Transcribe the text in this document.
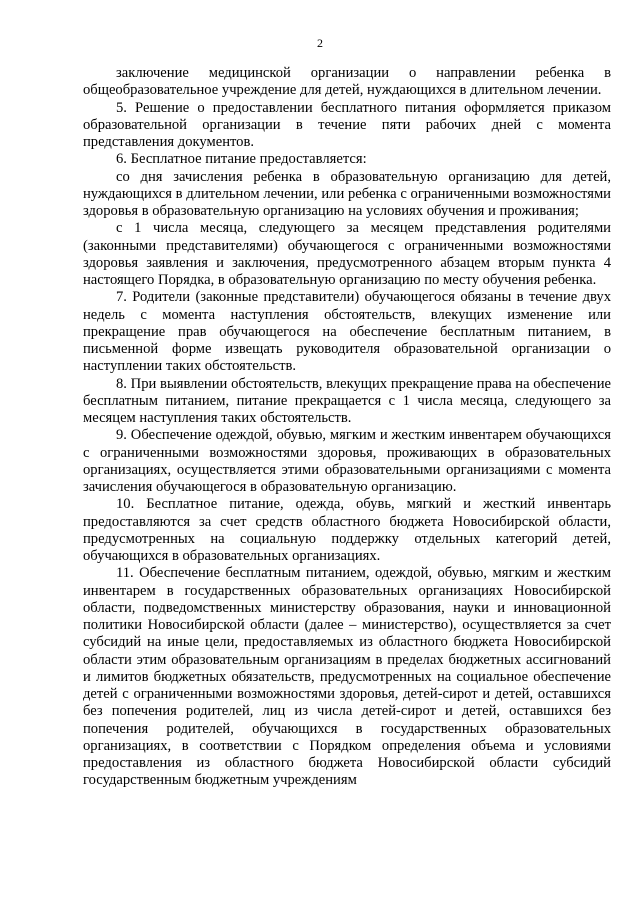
2

заключение медицинской организации о направлении ребенка в общеобразовательное учреждение для детей, нуждающихся в длительном лечении.

5. Решение о предоставлении бесплатного питания оформляется приказом образовательной организации в течение пяти рабочих дней с момента представления документов.

6. Бесплатное питание предоставляется:

со дня зачисления ребенка в образовательную организацию для детей, нуждающихся в длительном лечении, или ребенка с ограниченными возможностями здоровья в образовательную организацию на условиях обучения и проживания;

с 1 числа месяца, следующего за месяцем представления родителями (законными представителями) обучающегося с ограниченными возможностями здоровья заявления и заключения, предусмотренного абзацем вторым пункта 4 настоящего Порядка, в образовательную организацию по месту обучения ребенка.

7. Родители (законные представители) обучающегося обязаны в течение двух недель с момента наступления обстоятельств, влекущих изменение или прекращение прав обучающегося на обеспечение бесплатным питанием, в письменной форме извещать руководителя образовательной организации о наступлении таких обстоятельств.

8. При выявлении обстоятельств, влекущих прекращение права на обеспечение бесплатным питанием, питание прекращается с 1 числа месяца, следующего за месяцем наступления таких обстоятельств.

9. Обеспечение одеждой, обувью, мягким и жестким инвентарем обучающихся с ограниченными возможностями здоровья, проживающих в образовательных организациях, осуществляется этими образовательными организациями с момента зачисления обучающегося в образовательную организацию.

10. Бесплатное питание, одежда, обувь, мягкий и жесткий инвентарь предоставляются за счет средств областного бюджета Новосибирской области, предусмотренных на социальную поддержку отдельных категорий детей, обучающихся в образовательных организациях.

11. Обеспечение бесплатным питанием, одеждой, обувью, мягким и жестким инвентарем в государственных образовательных организациях Новосибирской области, подведомственных министерству образования, науки и инновационной политики Новосибирской области (далее – министерство), осуществляется за счет субсидий на иные цели, предоставляемых из областного бюджета Новосибирской области этим образовательным организациям в пределах бюджетных ассигнований и лимитов бюджетных обязательств, предусмотренных на социальное обеспечение детей с ограниченными возможностями здоровья, детей-сирот и детей, оставшихся без попечения родителей, лиц из числа детей-сирот и детей, оставшихся без попечения родителей, обучающихся в государственных образовательных организациях, в соответствии с Порядком определения объема и условиями предоставления из областного бюджета Новосибирской области субсидий государственным бюджетным учреждениям
